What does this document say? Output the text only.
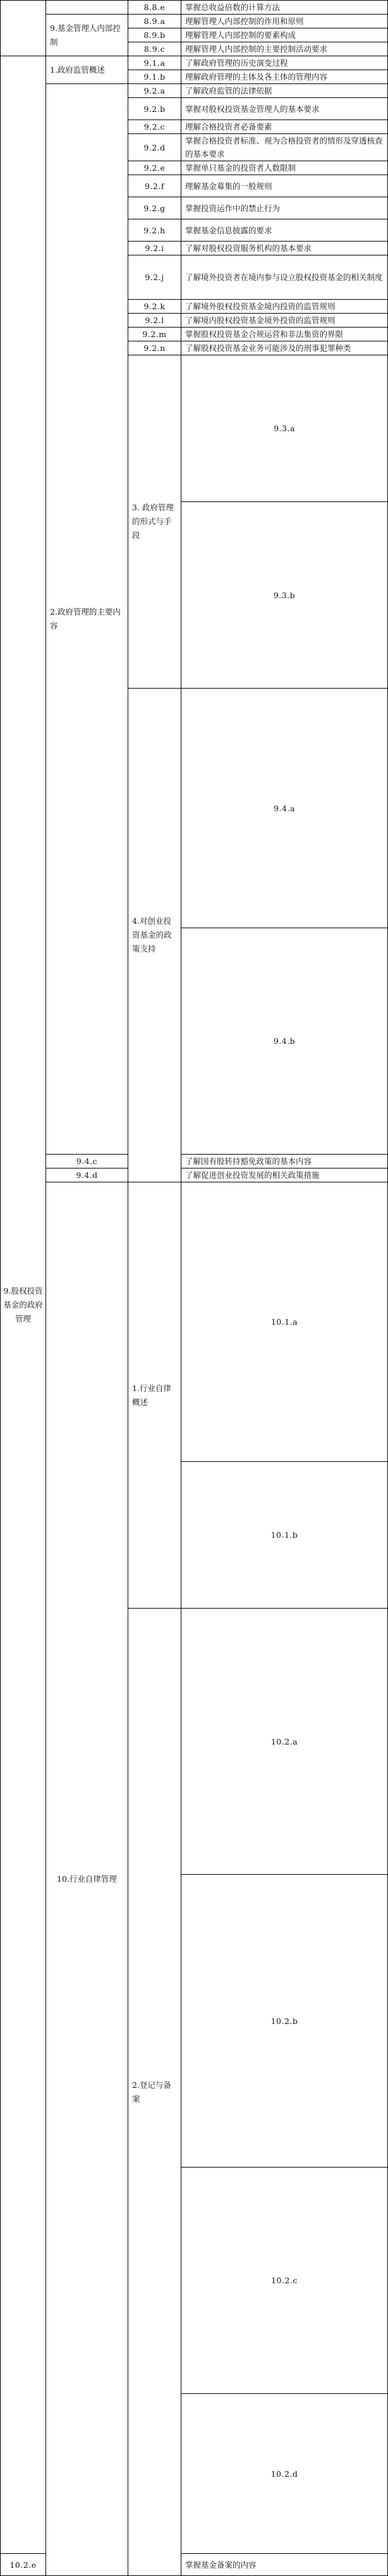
		8.8.e	掌握总收益倍数的计算方法	
	9.基金管理人内部控制	8.9.a	理解管理人内部控制的作用和原则	
		8.9.b	理解管理人内部控制的要素构成	
		8.9.c	理解管理人内部控制的主要控制活动要求	
9.股权投资基金的政府管理	1.政府监管概述	9.1.a	了解政府管理的历史演变过程	
		9.1.b	理解政府管理的主体及各主体的管理内容	
	2.政府管理的主要内容	9.2.a	了解政府监管的法律依据	
		9.2.b	掌握对股权投资基金管理人的基本要求	
		9.2.c	理解合格投资者必备要素	
		9.2.d	掌握合格投资者标准、视为合格投资者的情形及穿透核查的基本要求	
		9.2.e	掌握单只基金的投资者人数限制	
		9.2.f	理解基金募集的一般规则	
		9.2.g	掌握投资运作中的禁止行为	
		9.2.h	掌握基金信息披露的要求	
		9.2.i	了解对股权投资服务机构的基本要求	
		9.2.j	了解境外投资者在境内参与设立股权投资基金的相关制度	
		9.2.k	了解境外股权投资基金境内投资的监管规则	
		9.2.l	了解境内股权投资基金境外投资的监管规则	
		9.2.m	掌握股权投资基金合规运营和非法集资的界限	
		9.2.n	了解股权投资基金业务可能涉及的刑事犯罪种类	
		3. 政府管理的形式与手段	9.3.a	
			9.3.b	
		4.对创业投资基金的政策支持	9.4.a	
			9.4.b	
	9.4.c		了解国有股转持豁免政策的基本内容	
	9.4.d		了解促进创业投资发展的相关政策措施	
	10.行业自律管理	1.行业自律概述	10.1.a	
			10.1.b	
		2.登记与备案	10.2.a	
			10.2.b	
			10.2.c	
			10.2.d	
10.2.e			掌握基金备案的内容	
